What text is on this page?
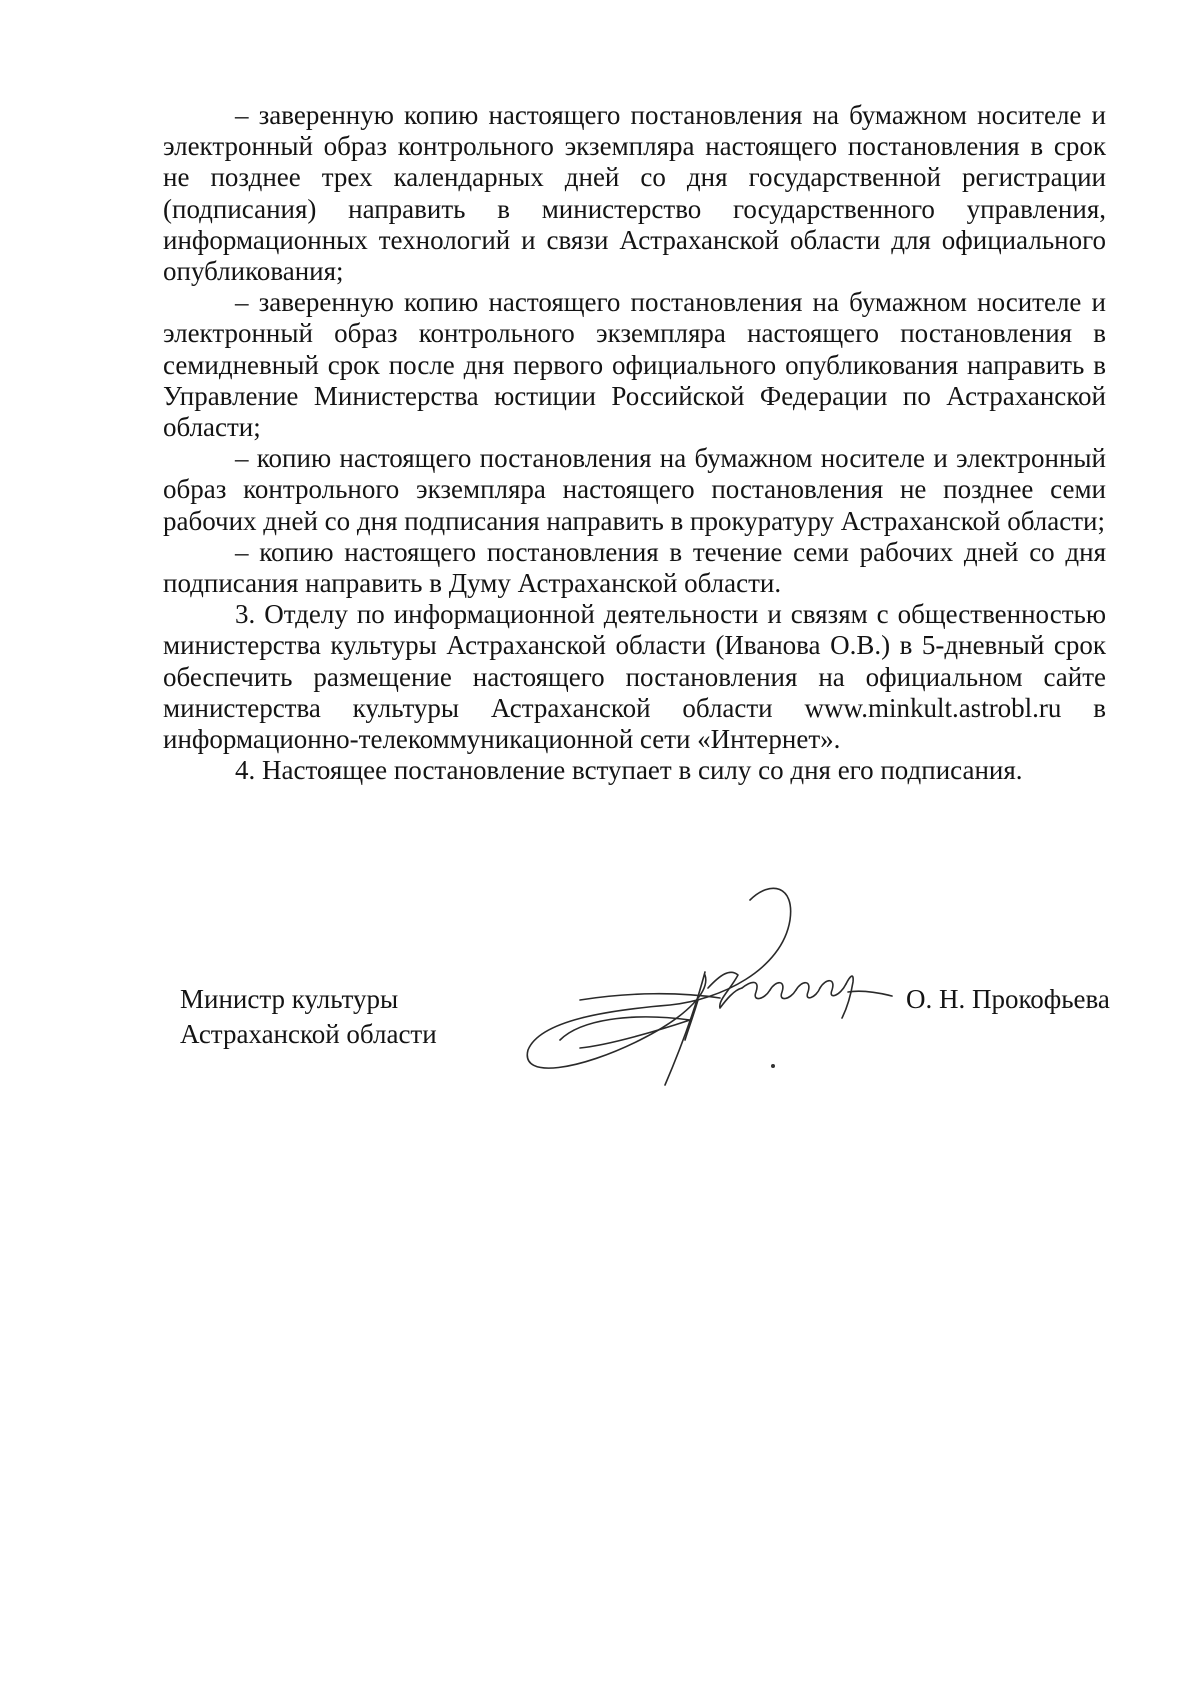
– заверенную копию настоящего постановления на бумажном носителе и электронный образ контрольного экземпляра настоящего постановления в срок не позднее трех календарных дней со дня государственной регистрации (подписания) направить в министерство государственного управления, информационных технологий и связи Астраханской области для официального опубликования;

– заверенную копию настоящего постановления на бумажном носителе и электронный образ контрольного экземпляра настоящего постановления в семидневный срок после дня первого официального опубликования направить в Управление Министерства юстиции Российской Федерации по Астраханской области;

– копию настоящего постановления на бумажном носителе и электронный образ контрольного экземпляра настоящего постановления не позднее семи рабочих дней со дня подписания направить в прокуратуру Астраханской области;

– копию настоящего постановления в течение семи рабочих дней со дня подписания направить в Думу Астраханской области.

3. Отделу по информационной деятельности и связям с общественностью министерства культуры Астраханской области (Иванова О.В.) в 5-дневный срок обеспечить размещение настоящего постановления на официальном сайте министерства культуры Астраханской области www.minkult.astrobl.ru в информационно-телекоммуникационной сети «Интернет».

4. Настоящее постановление вступает в силу со дня его подписания.

Министр культуры
Астраханской области
О. Н. Прокофьева
